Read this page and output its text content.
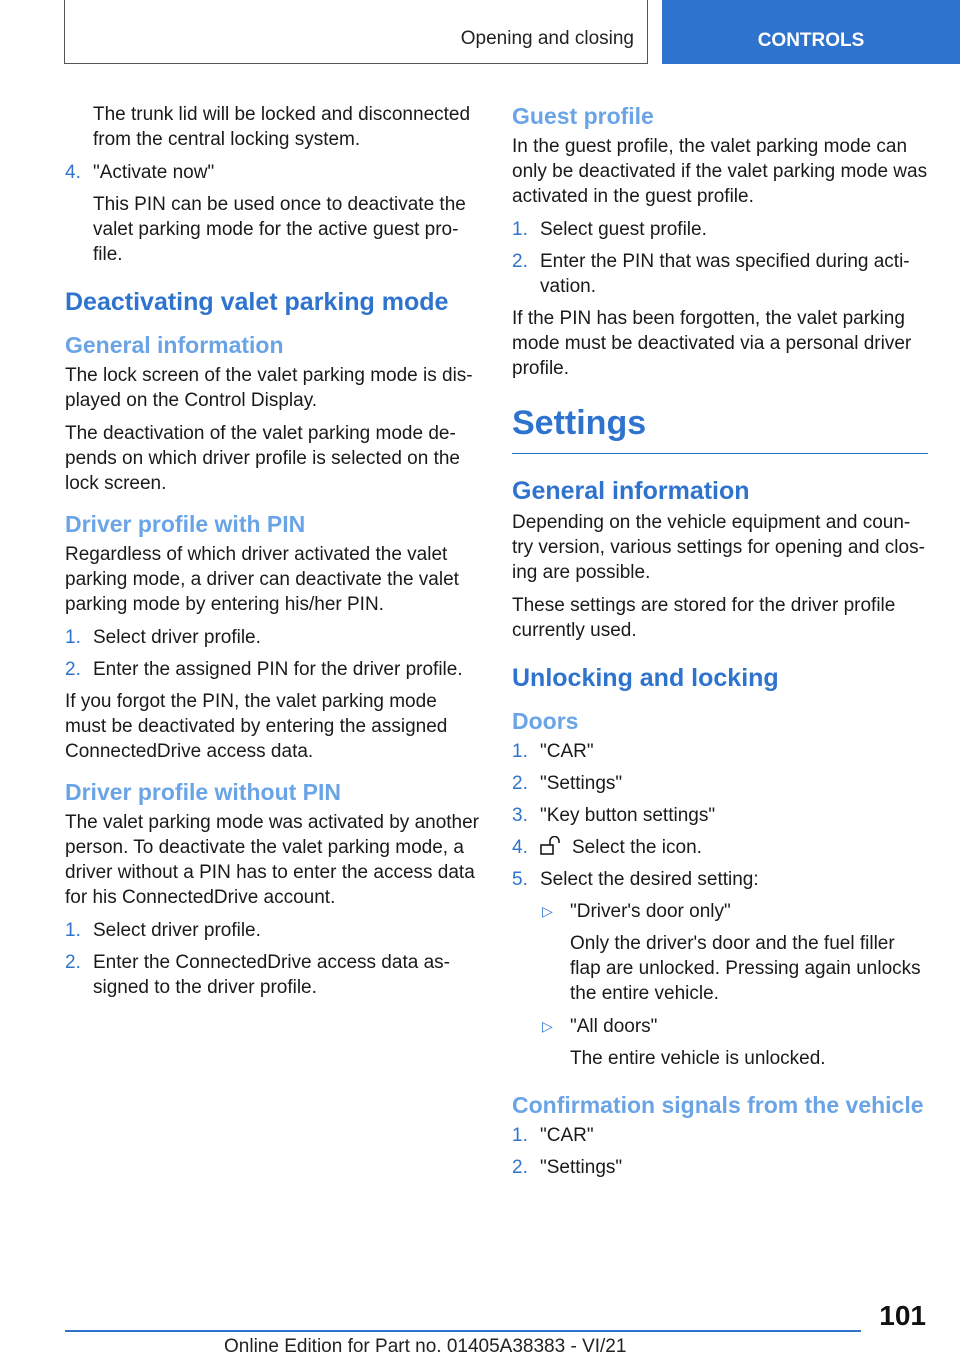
Opening and closing	CONTROLS

The trunk lid will be locked and disconnected from the central locking system.

4. "Activate now"

This PIN can be used once to deactivate the valet parking mode for the active guest pro-file.

Deactivating valet parking mode
General information

The lock screen of the valet parking mode is dis-played on the Control Display.

The deactivation of the valet parking mode de-pends on which driver profile is selected on the lock screen.

Driver profile with PIN

Regardless of which driver activated the valet parking mode, a driver can deactivate the valet parking mode by entering his/her PIN.

1. Select driver profile.
2. Enter the assigned PIN for the driver profile.

If you forgot the PIN, the valet parking mode must be deactivated by entering the assigned ConnectedDrive access data.

Driver profile without PIN

The valet parking mode was activated by another person. To deactivate the valet parking mode, a driver without a PIN has to enter the access data for his ConnectedDrive account.

1. Select driver profile.
2. Enter the ConnectedDrive access data as-signed to the driver profile.
Guest profile

In the guest profile, the valet parking mode can only be deactivated if the valet parking mode was activated in the guest profile.

1. Select guest profile.
2. Enter the PIN that was specified during acti-vation.

If the PIN has been forgotten, the valet parking mode must be deactivated via a personal driver profile.

Settings
General information

Depending on the vehicle equipment and coun-try version, various settings for opening and clos-ing are possible.

These settings are stored for the driver profile currently used.

Unlocking and locking
Doors
1. "CAR"
2. "Settings"
3. "Key button settings"
4.	Select the icon.
5. Select the desired setting:
▷ "Driver's door only"

Only the driver's door and the fuel filler flap are unlocked. Pressing again unlocks the entire vehicle.

▷ "All doors"

The entire vehicle is unlocked.

Confirmation signals from the vehicle
1. "CAR"
2. "Settings"
101
Online Edition for Part no. 01405A38383 - VI/21
